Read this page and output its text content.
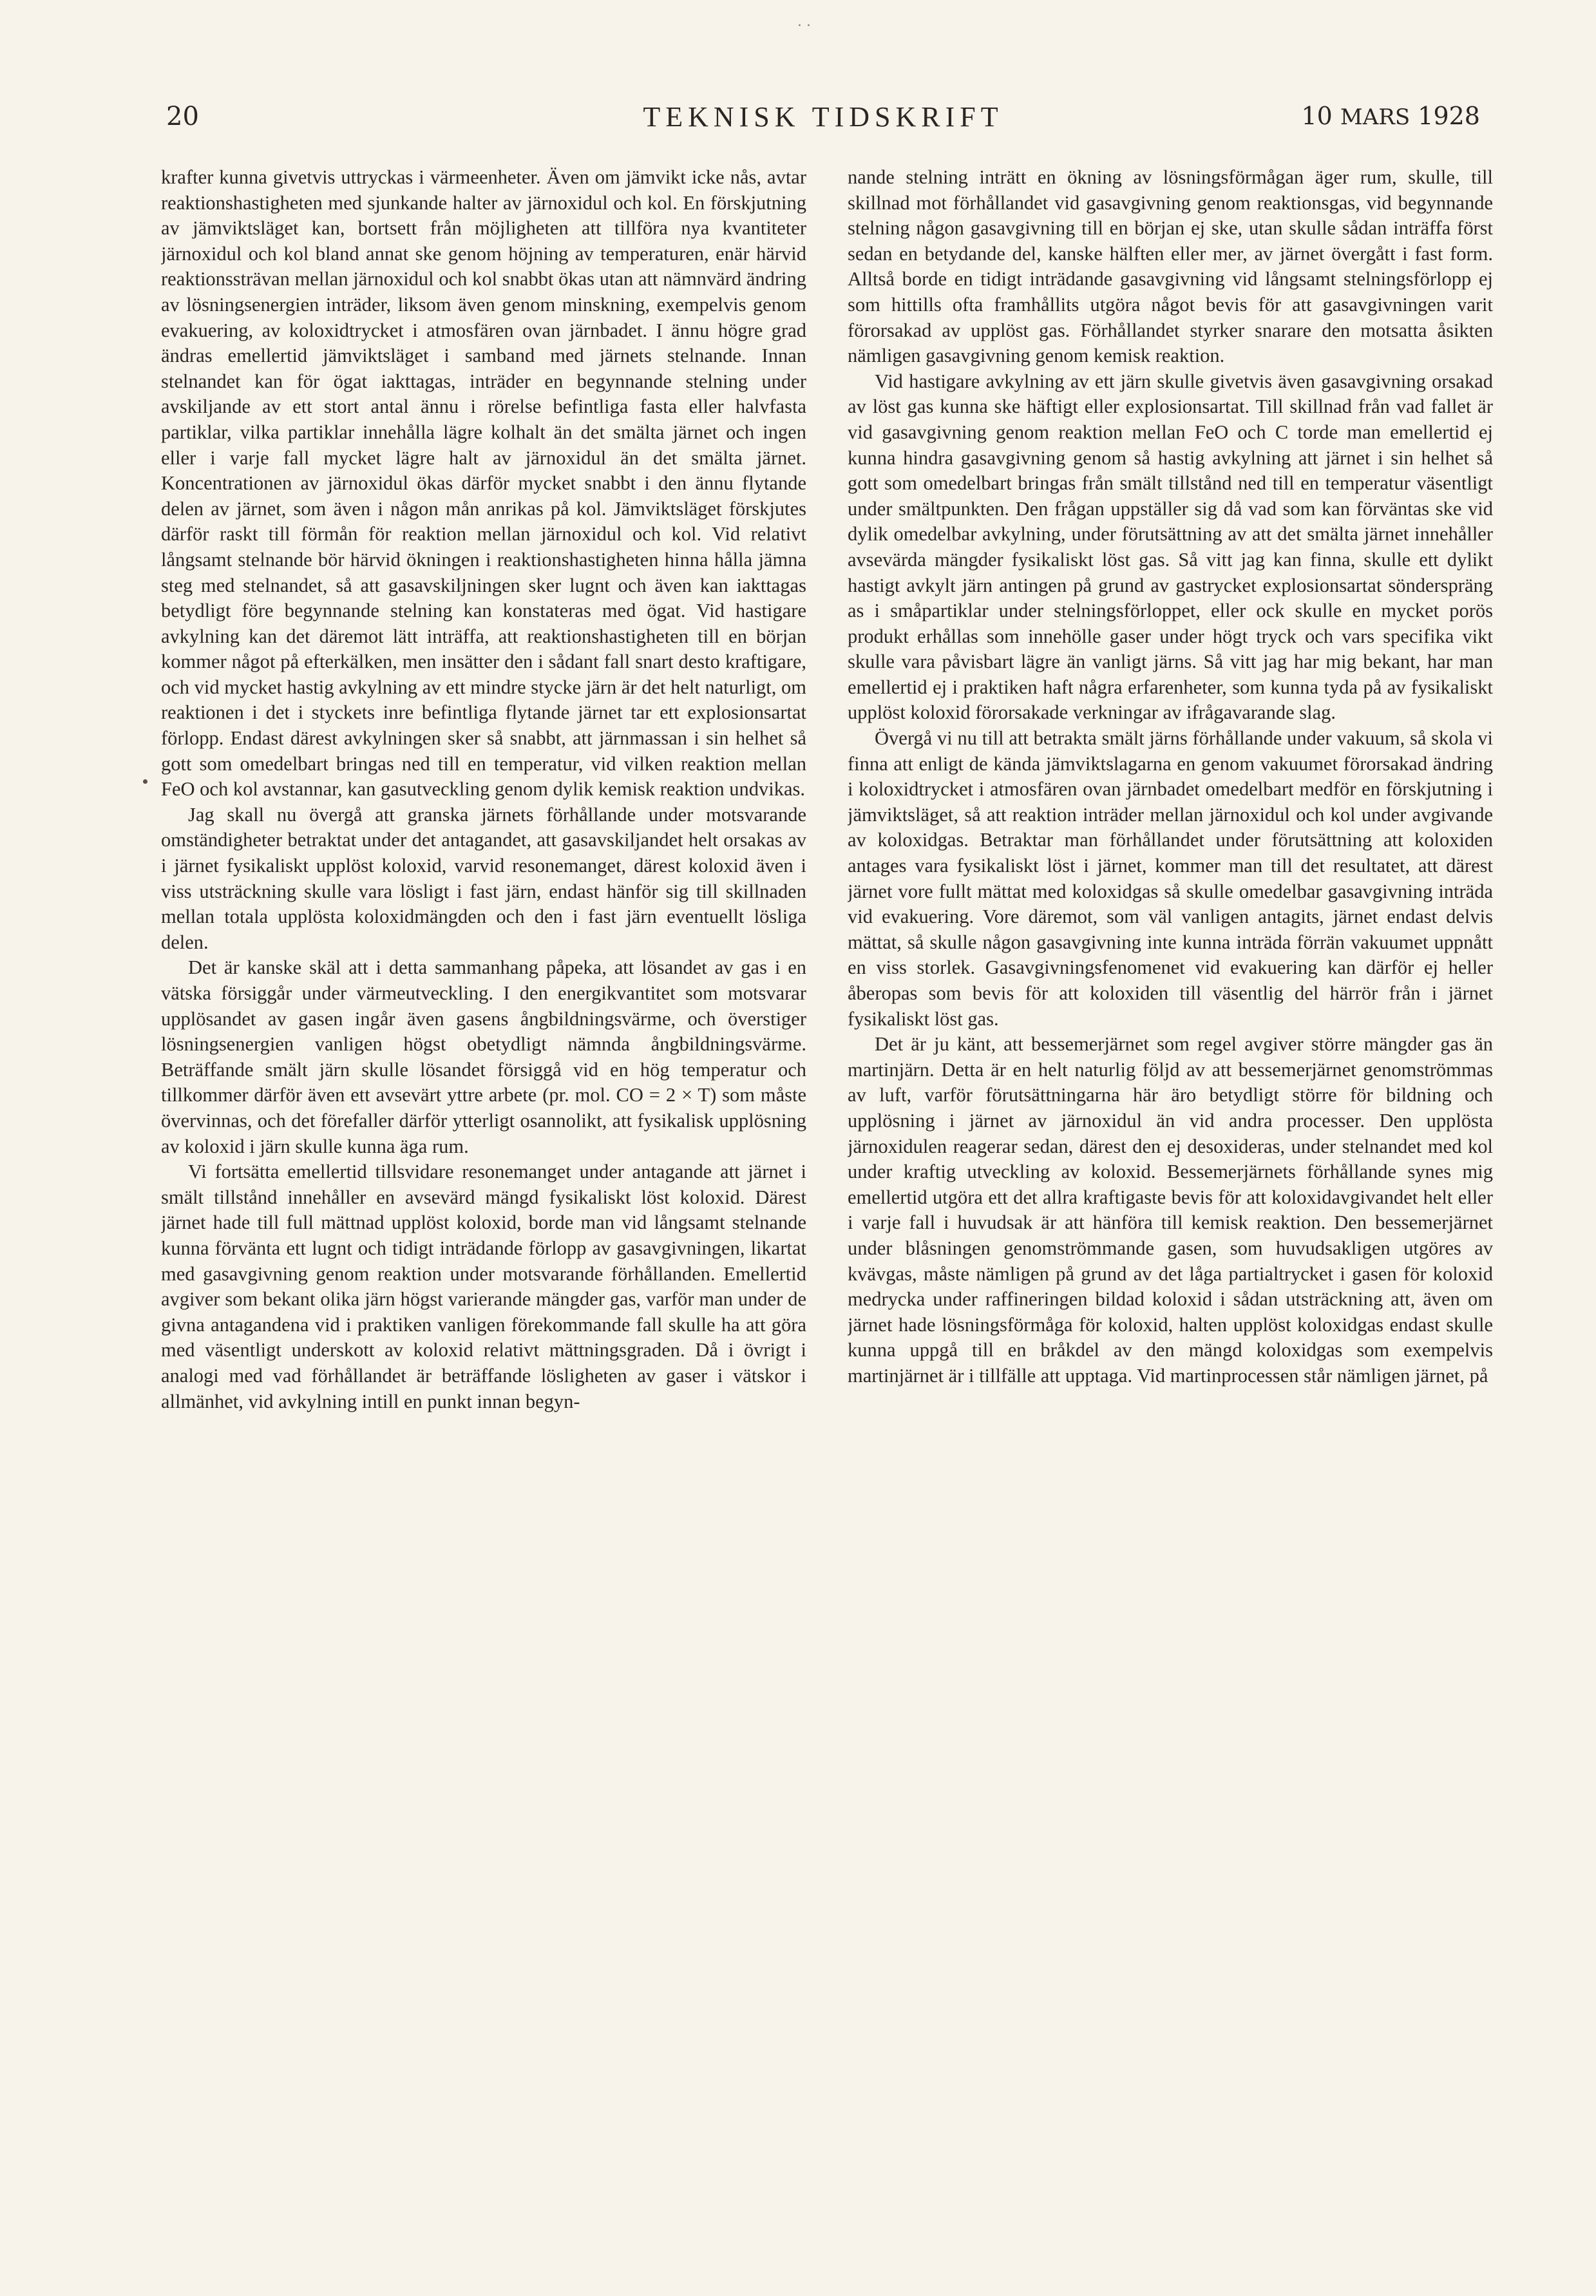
· ·
20	TEKNISK TIDSKRIFT	10 MARS 1928

krafter kunna givetvis uttryckas i värmeenheter. Även om jämvikt icke nås, avtar reaktionshastigheten med sjunkande halter av järnoxidul och kol. En förskjutning av jämviktsläget kan, bortsett från möjligheten att tillföra nya kvantiteter järnoxidul och kol bland annat ske genom höjning av temperaturen, enär härvid reaktionssträvan mellan järnoxidul och kol snabbt ökas utan att nämnvärd ändring av lösningsenergien inträder, liksom även genom minskning, exempelvis genom evakuering, av koloxidtrycket i atmosfären ovan järnbadet. I ännu högre grad ändras emellertid jämviktsläget i samband med järnets stelnande. Innan stelnandet kan för ögat iakttagas, inträder en begynnande stelning under avskiljande av ett stort antal ännu i rörelse befintliga fasta eller halvfasta partiklar, vilka partiklar innehålla lägre kolhalt än det smälta järnet och ingen eller i varje fall mycket lägre halt av järnoxidul än det smälta järnet. Koncentrationen av järnoxidul ökas därför mycket snabbt i den ännu flytande delen av järnet, som även i någon mån anrikas på kol. Jämviktsläget förskjutes därför raskt till förmån för reaktion mellan järnoxidul och kol. Vid relativt långsamt stelnande bör härvid ökningen i reaktionshastigheten hinna hålla jämna steg med stelnandet, så att gasavskiljningen sker lugnt och även kan iakttagas betydligt före begynnande stelning kan konstateras med ögat. Vid hastigare avkylning kan det däremot lätt inträffa, att reaktionshastigheten till en början kommer något på efterkälken, men insätter den i sådant fall snart desto kraftigare, och vid mycket hastig avkylning av ett mindre stycke järn är det helt naturligt, om reaktionen i det i styckets inre befintliga flytande järnet tar ett explosionsartat förlopp. Endast därest avkylningen sker så snabbt, att järnmassan i sin helhet så gott som omedelbart bringas ned till en temperatur, vid vilken reaktion mellan FeO och kol avstannar, kan gasutveckling genom dylik kemisk reaktion undvikas.

Jag skall nu övergå att granska järnets förhållande under motsvarande omständigheter betraktat under det antagandet, att gasavskiljandet helt orsakas av i järnet fysikaliskt upplöst koloxid, varvid resonemanget, därest koloxid även i viss utsträckning skulle vara lösligt i fast järn, endast hänför sig till skillnaden mellan totala upplösta koloxidmängden och den i fast järn eventuellt lösliga delen.

Det är kanske skäl att i detta sammanhang påpeka, att lösandet av gas i en vätska försiggår under värmeutveckling. I den energikvantitet som motsvarar upplösandet av gasen ingår även gasens ångbildningsvärme, och överstiger lösningsenergien vanligen högst obetydligt nämnda ångbildningsvärme. Beträffande smält järn skulle lösandet försiggå vid en hög temperatur och tillkommer därför även ett avsevärt yttre arbete (pr. mol. CO = 2 × T) som måste övervinnas, och det förefaller därför ytterligt osannolikt, att fysikalisk upplösning av koloxid i järn skulle kunna äga rum.

Vi fortsätta emellertid tillsvidare resonemanget under antagande att järnet i smält tillstånd innehåller en avsevärd mängd fysikaliskt löst koloxid. Därest järnet hade till full mättnad upplöst koloxid, borde man vid långsamt stelnande kunna förvänta ett lugnt och tidigt inträdande förlopp av gasavgivningen, likartat med gasavgivning genom reaktion under motsvarande förhållanden. Emellertid avgiver som bekant olika järn högst varierande mängder gas, varför man under de givna antagandena vid i praktiken vanligen förekommande fall skulle ha att göra med väsentligt underskott av koloxid relativt mättningsgraden. Då i övrigt i analogi med vad förhållandet är beträffande lösligheten av gaser i vätskor i allmänhet, vid avkylning intill en punkt innan begyn-

nande stelning inträtt en ökning av lösningsförmågan äger rum, skulle, till skillnad mot förhållandet vid gasavgivning genom reaktionsgas, vid begynnande stelning någon gasavgivning till en början ej ske, utan skulle sådan inträffa först sedan en betydande del, kanske hälften eller mer, av järnet övergått i fast form. Alltså borde en tidigt inträdande gasavgivning vid långsamt stelningsförlopp ej som hittills ofta framhållits utgöra något bevis för att gasavgivningen varit förorsakad av upplöst gas. Förhållandet styrker snarare den motsatta åsikten nämligen gasavgivning genom kemisk reaktion.

Vid hastigare avkylning av ett järn skulle givetvis även gasavgivning orsakad av löst gas kunna ske häftigt eller explosionsartat. Till skillnad från vad fallet är vid gasavgivning genom reaktion mellan FeO och C torde man emellertid ej kunna hindra gasavgivning genom så hastig avkylning att järnet i sin helhet så gott som omedelbart bringas från smält tillstånd ned till en temperatur väsentligt under smältpunkten. Den frågan uppställer sig då vad som kan förväntas ske vid dylik omedelbar avkylning, under förutsättning av att det smälta järnet innehåller avsevärda mängder fysikaliskt löst gas. Så vitt jag kan finna, skulle ett dylikt hastigt avkylt järn antingen på grund av gastrycket explosionsartat sönderspräng as i småpartiklar under stelningsförloppet, eller ock skulle en mycket porös produkt erhållas som innehölle gaser under högt tryck och vars specifika vikt skulle vara påvisbart lägre än vanligt järns. Så vitt jag har mig bekant, har man emellertid ej i praktiken haft några erfarenheter, som kunna tyda på av fysikaliskt upplöst koloxid förorsakade verkningar av ifrågavarande slag.

Övergå vi nu till att betrakta smält järns förhållande under vakuum, så skola vi finna att enligt de kända jämviktslagarna en genom vakuumet förorsakad ändring i koloxidtrycket i atmosfären ovan järnbadet omedelbart medför en förskjutning i jämviktsläget, så att reaktion inträder mellan järnoxidul och kol under avgivande av koloxidgas. Betraktar man förhållandet under förutsättning att koloxiden antages vara fysikaliskt löst i järnet, kommer man till det resultatet, att därest järnet vore fullt mättat med koloxidgas så skulle omedelbar gasavgivning inträda vid evakuering. Vore däremot, som väl vanligen antagits, järnet endast delvis mättat, så skulle någon gasavgivning inte kunna inträda förrän vakuumet uppnått en viss storlek. Gasavgivningsfenomenet vid evakuering kan därför ej heller åberopas som bevis för att koloxiden till väsentlig del härrör från i järnet fysikaliskt löst gas.

Det är ju känt, att bessemerjärnet som regel avgiver större mängder gas än martinjärn. Detta är en helt naturlig följd av att bessemerjärnet genomströmmas av luft, varför förutsättningarna här äro betydligt större för bildning och upplösning i järnet av järnoxidul än vid andra processer. Den upplösta järnoxidulen reagerar sedan, därest den ej desoxideras, under stelnandet med kol under kraftig utveckling av koloxid. Bessemerjärnets förhållande synes mig emellertid utgöra ett det allra kraftigaste bevis för att koloxidavgivandet helt eller i varje fall i huvudsak är att hänföra till kemisk reaktion. Den bessemerjärnet under blåsningen genomströmmande gasen, som huvudsakligen utgöres av kvävgas, måste nämligen på grund av det låga partialtrycket i gasen för koloxid medrycka under raffineringen bildad koloxid i sådan utsträckning att, även om järnet hade lösningsförmåga för koloxid, halten upplöst koloxidgas endast skulle kunna uppgå till en bråkdel av den mängd koloxidgas som exempelvis martinjärnet är i tillfälle att upptaga. Vid martinprocessen står nämligen järnet, på
